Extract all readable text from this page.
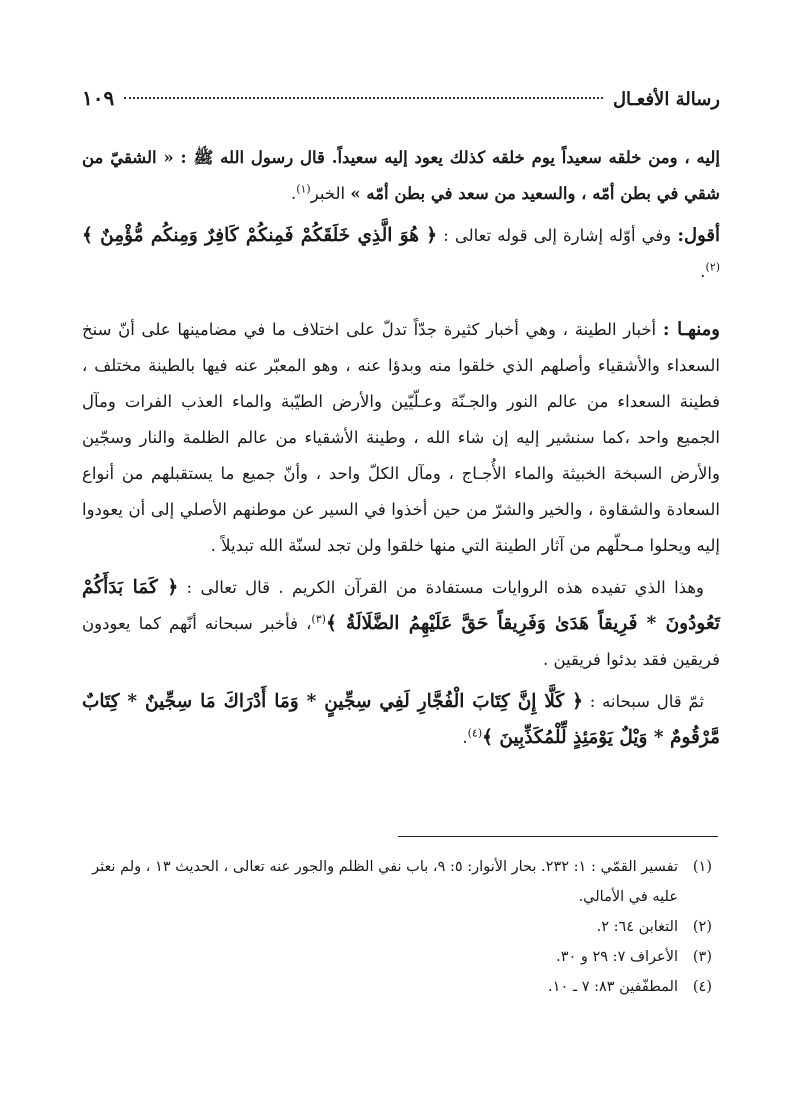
رسالة الأفعـال
١٠٩

إليه ، ومن خلقه سعيداً يوم خلقه كذلك يعود إليه سعيداً. قال رسول الله ﷺ : « الشقيّ من شقي في بطن أمّه ، والسعيد من سعد في بطن أمّه » الخبر$^{(١)}$.

أقول: وفي أوّله إشارة إلى قوله تعالى : ﴿ هُوَ الَّذِي خَلَقَكُمْ فَمِنكُمْ كَافِرٌ وَمِنكُم مُّؤْمِنٌ ﴾$^{(٢)}$.

ومنهـا : أخبار الطينة ، وهي أخبار كثيرة جدّاً تدلّ على اختلاف ما في مضامينها على أنّ سنخ السعداء والأشقياء وأصلهم الذي خلقوا منه وبدؤا عنه ، وهو المعبّر عنه فيها بالطينة مختلف ، فطينة السعداء من عالم النور والجـنّة وعـلّيّين والأرض الطيّبة والماء العذب الفرات ومآل الجميع واحد ،كما سنشير إليه إن شاء الله ، وطينة الأشقياء من عالم الظلمة والنار وسجّين والأرض السبخة الخبيثة والماء الأُجـاج ، ومآل الكلّ واحد ، وأنّ جميع ما يستقبلهم من أنواع السعادة والشقاوة ، والخير والشرّ من حين أخذوا في السير عن موطنهم الأصلي إلى أن يعودوا إليه ويحلوا مـحلّهم من آثار الطينة التي منها خلقوا ولن تجد لسنّة الله تبديلاً .

وهذا الذي تفيده هذه الروايات مستفادة من القرآن الكريم . قال تعالى : ﴿ كَمَا بَدَأَكُمْ تَعُودُونَ * فَرِيقاً هَدَىٰ وَفَرِيقاً حَقَّ عَلَيْهِمُ الضَّلَالَةُ ﴾$^{(٣)}$، فأخبر سبحانه أنّهم كما يعودون فريقين فقد بدئوا فريقين .

ثمّ قال سبحانه : ﴿ كَلَّا إِنَّ كِتَابَ الْفُجَّارِ لَفِي سِجِّينٍ * وَمَا أَدْرَاكَ مَا سِجِّينٌ * كِتَابٌ مَّرْقُومٌ * وَيْلٌ يَوْمَئِذٍ لِّلْمُكَذِّبِينَ ﴾$^{(٤)}$.

(١)
تفسير القمّي : ١: ٢٣٢. بحار الأنوار: ٥: ٩، باب نفي الظلم والجور عنه تعالى ، الحديث ١٣ ، ولم نعثر عليه في الأمالي.

(٢)
التغابن ٦٤: ٢.

(٣)
الأعراف ٧: ٢٩ و ٣٠.

(٤)
المطفّفين ٨٣: ٧ ـ ١٠.
